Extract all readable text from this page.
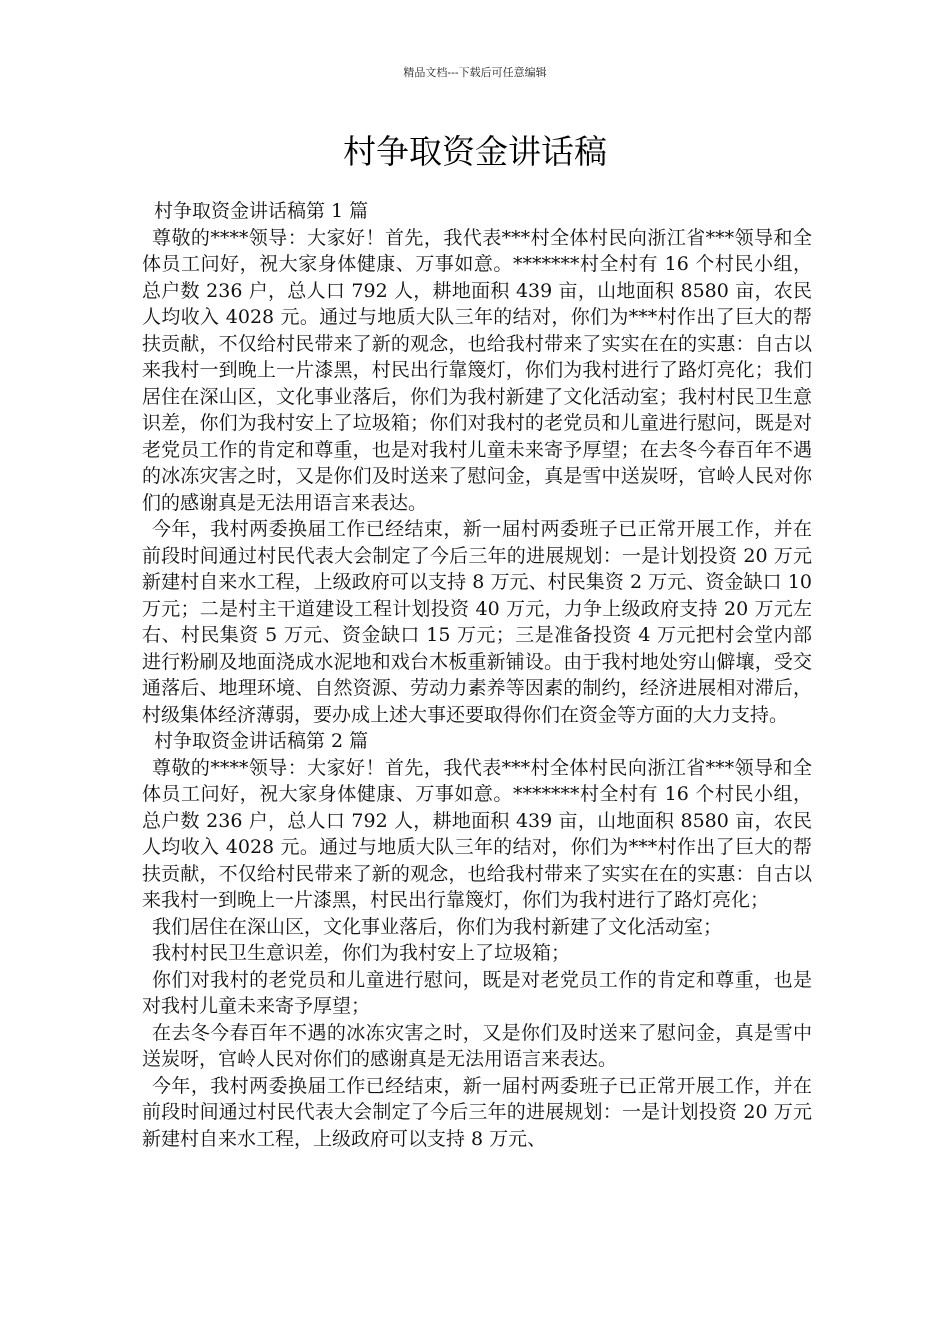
精品文档---下载后可任意编辑
村争取资金讲话稿

村争取资金讲话稿第 1 篇

尊敬的****领导：大家好！首先，我代表***村全体村民向浙江省***领导和全体员工问好，祝大家身体健康、万事如意。*******村全村有 16 个村民小组，总户数 236 户，总人口 792 人，耕地面积 439 亩，山地面积 8580 亩，农民人均收入 4028 元。通过与地质大队三年的结对，你们为***村作出了巨大的帮扶贡献，不仅给村民带来了新的观念，也给我村带来了实实在在的实惠：自古以来我村一到晚上一片漆黑，村民出行靠篾灯，你们为我村进行了路灯亮化；我们居住在深山区，文化事业落后，你们为我村新建了文化活动室；我村村民卫生意识差，你们为我村安上了垃圾箱；你们对我村的老党员和儿童进行慰问，既是对老党员工作的肯定和尊重，也是对我村儿童未来寄予厚望；在去冬今春百年不遇的冰冻灾害之时，又是你们及时送来了慰问金，真是雪中送炭呀，官岭人民对你们的感谢真是无法用语言来表达。

今年，我村两委换届工作已经结束，新一届村两委班子已正常开展工作，并在前段时间通过村民代表大会制定了今后三年的进展规划：一是计划投资 20 万元新建村自来水工程，上级政府可以支持 8 万元、村民集资 2 万元、资金缺口 10 万元；二是村主干道建设工程计划投资 40 万元，力争上级政府支持 20 万元左右、村民集资 5 万元、资金缺口 15 万元；三是准备投资 4 万元把村会堂内部进行粉刷及地面浇成水泥地和戏台木板重新铺设。由于我村地处穷山僻壤，受交通落后、地理环境、自然资源、劳动力素养等因素的制约，经济进展相对滞后，村级集体经济薄弱，要办成上述大事还要取得你们在资金等方面的大力支持。

村争取资金讲话稿第 2 篇

尊敬的****领导：大家好！首先，我代表***村全体村民向浙江省***领导和全体员工问好，祝大家身体健康、万事如意。*******村全村有 16 个村民小组，总户数 236 户，总人口 792 人，耕地面积 439 亩，山地面积 8580 亩，农民人均收入 4028 元。通过与地质大队三年的结对，你们为***村作出了巨大的帮扶贡献，不仅给村民带来了新的观念，也给我村带来了实实在在的实惠：自古以来我村一到晚上一片漆黑，村民出行靠篾灯，你们为我村进行了路灯亮化；

我们居住在深山区，文化事业落后，你们为我村新建了文化活动室；

我村村民卫生意识差，你们为我村安上了垃圾箱；

你们对我村的老党员和儿童进行慰问，既是对老党员工作的肯定和尊重，也是对我村儿童未来寄予厚望；

在去冬今春百年不遇的冰冻灾害之时，又是你们及时送来了慰问金，真是雪中送炭呀，官岭人民对你们的感谢真是无法用语言来表达。

今年，我村两委换届工作已经结束，新一届村两委班子已正常开展工作，并在前段时间通过村民代表大会制定了今后三年的进展规划：一是计划投资 20 万元新建村自来水工程，上级政府可以支持 8 万元、
